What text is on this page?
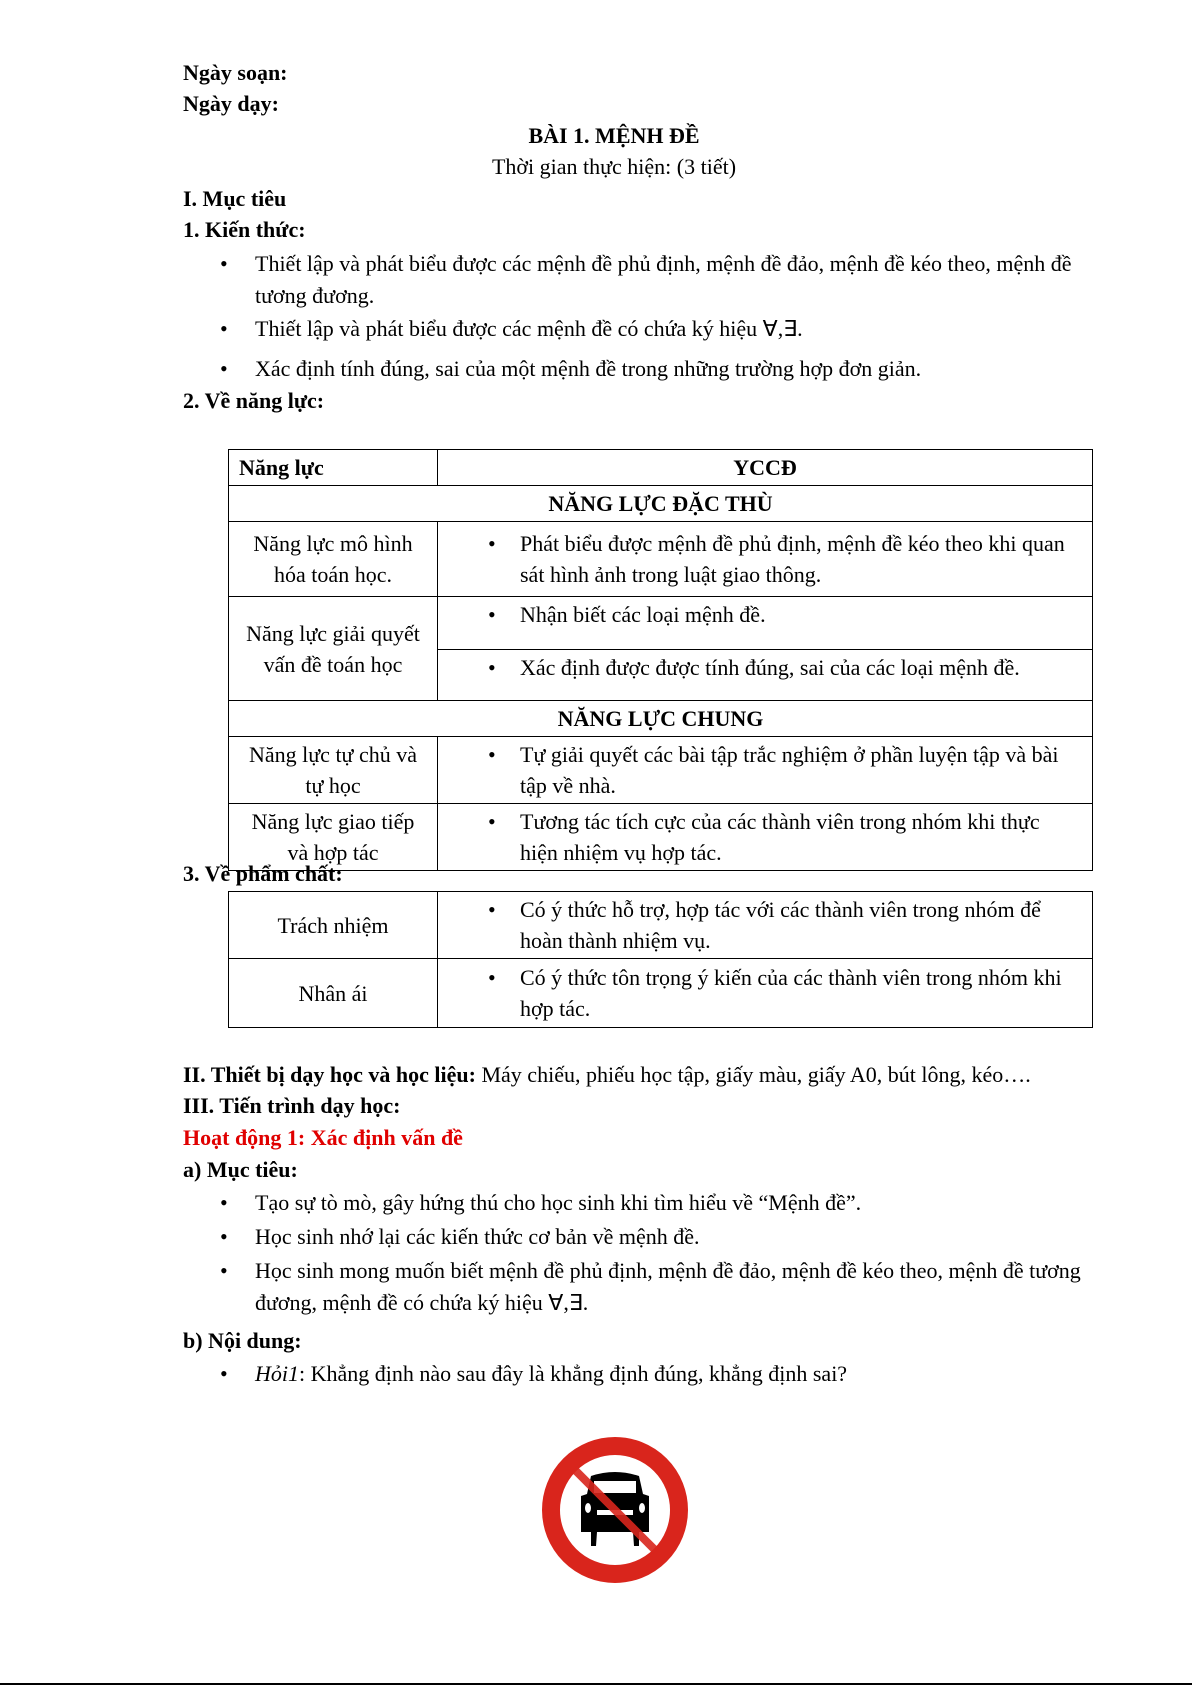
Ngày soạn:
Ngày dạy:
BÀI 1. MỆNH ĐỀ
Thời gian thực hiện: (3 tiết)
I. Mục tiêu
1. Kiến thức:
• Thiết lập và phát biểu được các mệnh đề phủ định, mệnh đề đảo, mệnh đề kéo theo, mệnh đề tương đương.
• Thiết lập và phát biểu được các mệnh đề có chứa ký hiệu ∀,∃.
• Xác định tính đúng, sai của một mệnh đề trong những trường hợp đơn giản.
2. Về năng lực:
Năng lực	YCCĐ
NĂNG LỰC ĐẶC THÙ	
Năng lực mô hình hóa toán học.	• Phát biểu được mệnh đề phủ định, mệnh đề kéo theo khi quan sát hình ảnh trong luật giao thông.

Năng lực giải quyết vấn đề toán học	• Nhận biết các loại mệnh đề.

	• Xác định được được tính đúng, sai của các loại mệnh đề.

NĂNG LỰC CHUNG	
Năng lực tự chủ và tự học	• Tự giải quyết các bài tập trắc nghiệm ở phần luyện tập và bài tập về nhà.

Năng lực giao tiếp và hợp tác	• Tương tác tích cực của các thành viên trong nhóm khi thực hiện nhiệm vụ hợp tác.
3. Về phẩm chất:
Trách nhiệm	• Có ý thức hỗ trợ, hợp tác với các thành viên trong nhóm để hoàn thành nhiệm vụ.

Nhân ái	• Có ý thức tôn trọng ý kiến của các thành viên trong nhóm khi hợp tác.
II. Thiết bị dạy học và học liệu: Máy chiếu, phiếu học tập, giấy màu, giấy A0, bút lông, kéo….
III. Tiến trình dạy học:
Hoạt động 1: Xác định vấn đề
a) Mục tiêu:
• Tạo sự tò mò, gây hứng thú cho học sinh khi tìm hiểu về “Mệnh đề”.
• Học sinh nhớ lại các kiến thức cơ bản về mệnh đề.
• Học sinh mong muốn biết mệnh đề phủ định, mệnh đề đảo, mệnh đề kéo theo, mệnh đề tương đương, mệnh đề có chứa ký hiệu ∀,∃.
b) Nội dung:
• Hỏi1: Khẳng định nào sau đây là khẳng định đúng, khẳng định sai?
